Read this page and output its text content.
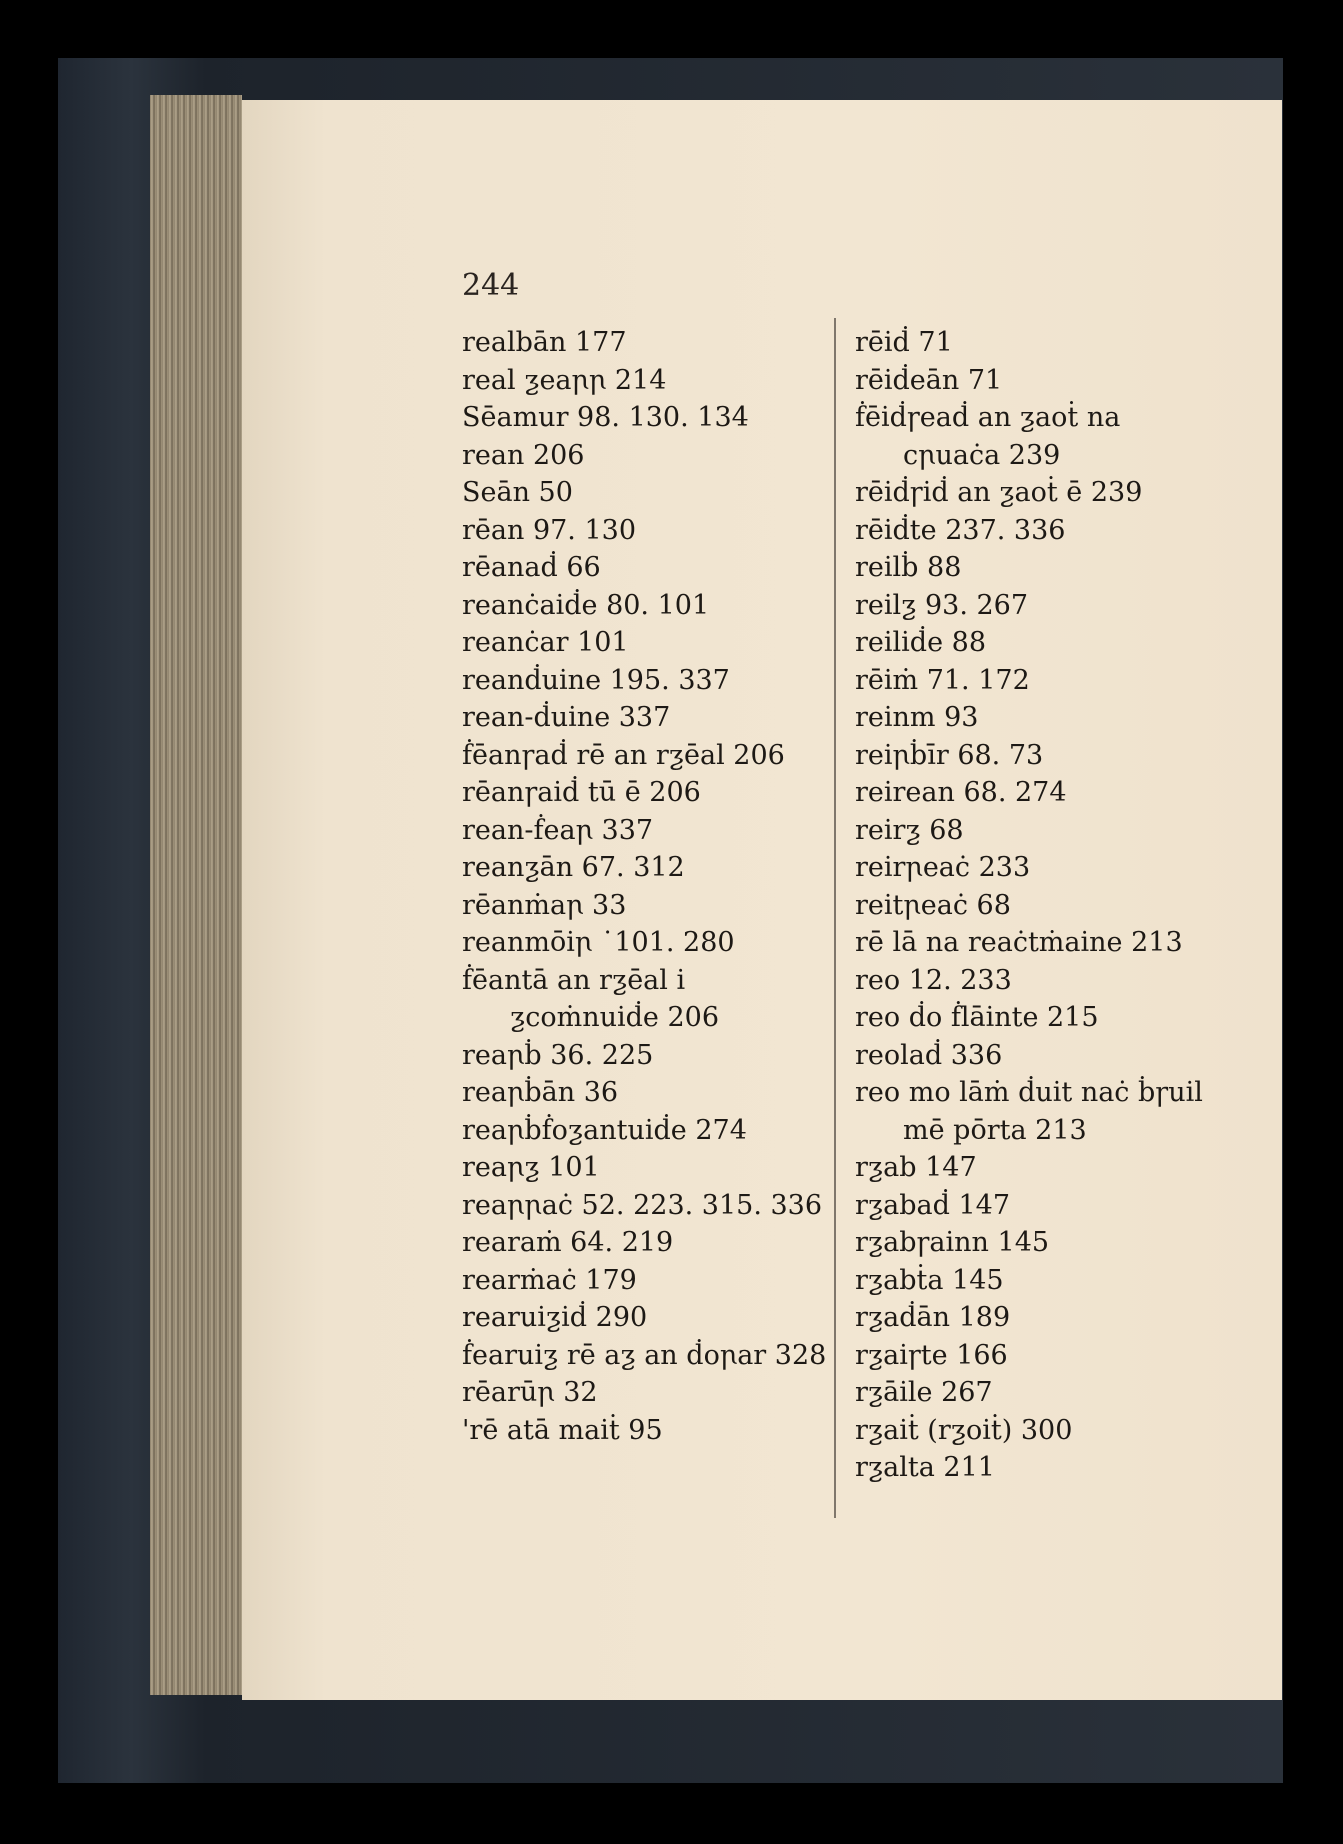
244
realbān 177
real ƺeaꞃꞃ 214
Sēamur 98. 130. 134
rean 206
Seān 50
rēan 97. 130
rēanaḋ 66
reanċaiḋe 80. 101
reanċar 101
reanḋuine 195. 337
rean-ḋuine 337
ḟēanꞅaḋ rē an rƺēal 206
rēanꞅaiḋ tū ē 206
rean-ḟeaꞃ 337
reanƺān 67. 312
rēanṁaꞃ 33
reanmōiꞃ ˙101. 280
ḟēantā an rƺēal i ƺcoṁnuiḋe 206
reaꞃḃ 36. 225
reaꞃḃān 36
reaꞃḃḟoƺantuiḋe 274
reaꞃƺ 101
reaꞃꞃaċ 52. 223. 315. 336
rearaṁ 64. 219
rearṁaċ 179
rearuiƺiḋ 290
ḟearuiƺ rē aƺ an ḋoꞃar 328
rēarūꞃ 32
'rē atā maiṫ 95
rēiḋ 71
rēiḋeān 71
ḟēiḋꞅeaḋ an ƺaoṫ na cꞃuaċa 239
rēiḋꞅiḋ an ƺaoṫ ē 239
rēiḋte 237. 336
reilḃ 88
reilƺ 93. 267
reiliḋe 88
rēiṁ 71. 172
reinm 93
reiꞃḃīr 68. 73
reirean 68. 274
reirƺ 68
reirꞃeaċ 233
reitꞃeaċ 68
rē lā na reaċtṁaine 213
reo 12. 233
reo ḋo ḟlāinte 215
reolaḋ 336
reo mo lāṁ ḋuit naċ ḃꞅuil mē pōrta 213
rƺab 147
rƺabaḋ 147
rƺabꞅainn 145
rƺabṫa 145
rƺaḋān 189
rƺaiꞅte 166
rƺāile 267
rƺaiṫ (rƺoiṫ) 300
rƺalta 211
